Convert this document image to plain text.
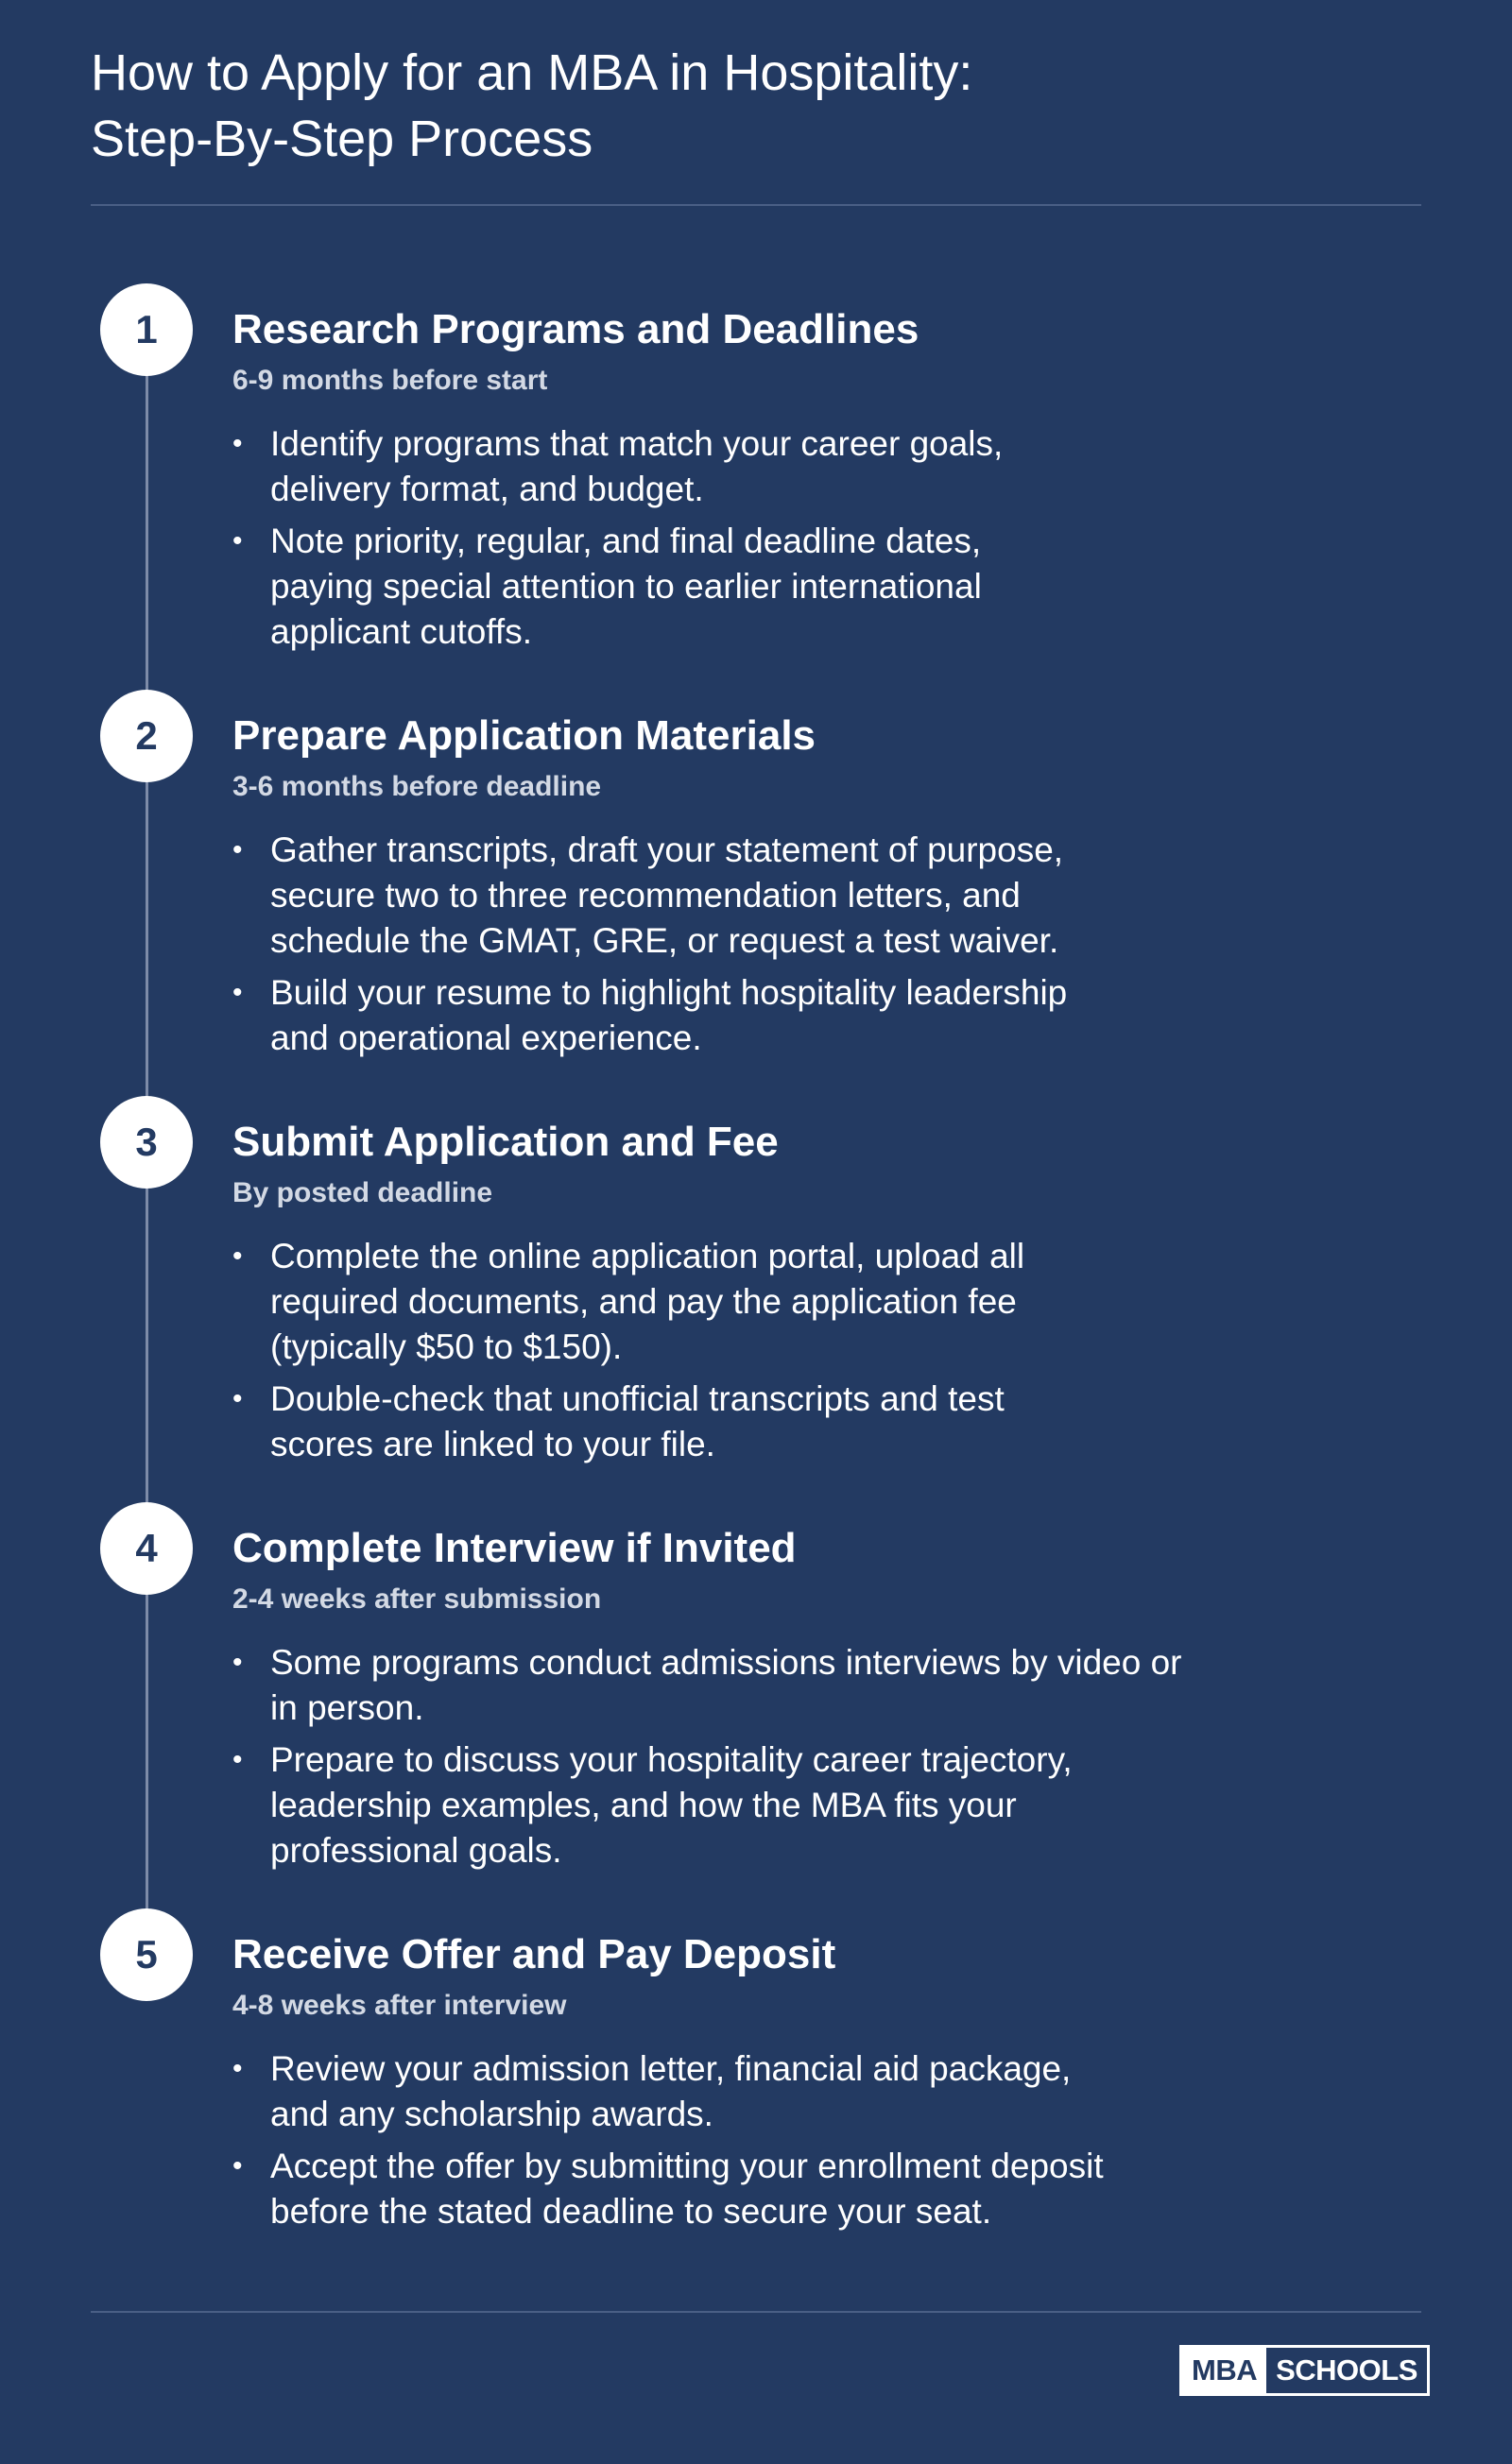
How to Apply for an MBA in Hospitality:
Step-By-Step Process
1	Research Programs and Deadlines
6-9 months before start
• Identify programs that match your career goals,
delivery format, and budget.
• Note priority, regular, and final deadline dates,
paying special attention to earlier international
applicant cutoffs.
2	Prepare Application Materials
3-6 months before deadline
• Gather transcripts, draft your statement of purpose,
secure two to three recommendation letters, and
schedule the GMAT, GRE, or request a test waiver.
• Build your resume to highlight hospitality leadership
and operational experience.
3	Submit Application and Fee
By posted deadline
• Complete the online application portal, upload all
required documents, and pay the application fee
(typically $50 to $150).
• Double-check that unofficial transcripts and test
scores are linked to your file.
4	Complete Interview if Invited
2-4 weeks after submission
• Some programs conduct admissions interviews by video or
in person.
• Prepare to discuss your hospitality career trajectory,
leadership examples, and how the MBA fits your
professional goals.
5	Receive Offer and Pay Deposit
4-8 weeks after interview
• Review your admission letter, financial aid package,
and any scholarship awards.
• Accept the offer by submitting your enrollment deposit
before the stated deadline to secure your seat.
MBA SCHOOLS
